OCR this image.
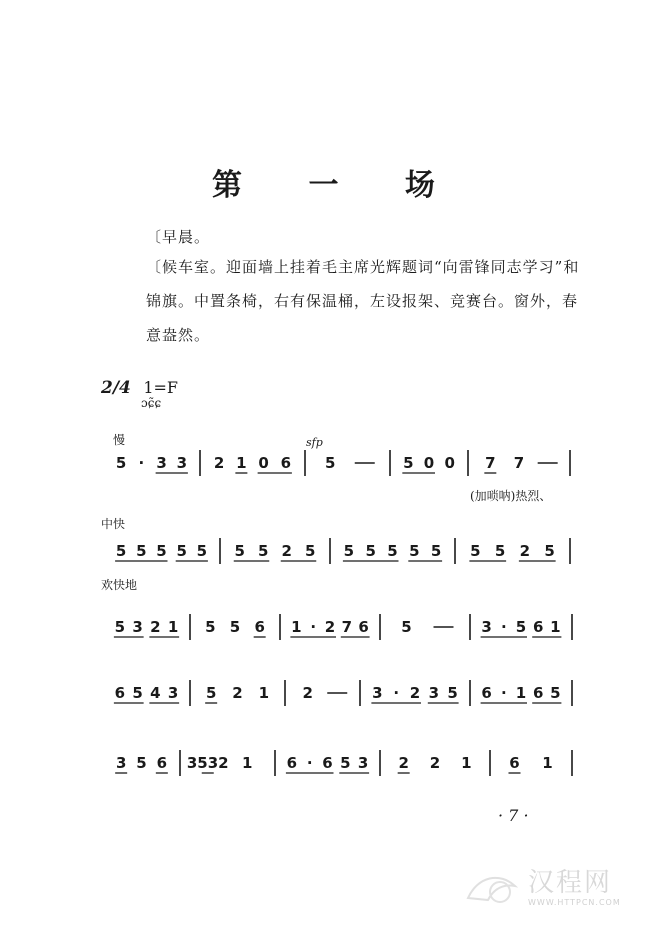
第 一 场
〔早晨。
〔候车室。迎面墙上挂着毛主席光辉题词“向雷锋同志学习”和锦旗。中置条椅，右有保温桶，左设报架、竞赛台。窗外，春意盎然。
2/4 1=F
ɔɕ̃ɕ
慢
中快
欢快地
sfp
(加唢呐)热烈、
5 · 3 3 2 1 0 6 5	5 0 0 7 7
5 5 5 5 5 5 5 2 5 5 5 5 5 5 5 5 2 5
5 3 2 1 5 5 6 1 · 2 7 6 5	3 · 5 6 1
6 5 4 3 5 2 1 2	3 · 2 3 5 6 · 1 6 5
3 5 6 3532 1 6 · 6 5 3 2 2 1	6 1
· 7 ·
汉程网
WWW.HTTPCN.COM
